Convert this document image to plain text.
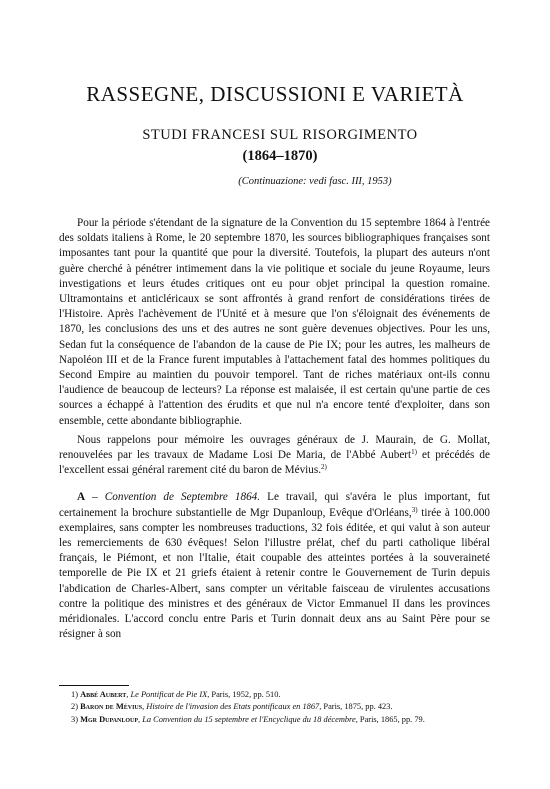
RASSEGNE, DISCUSSIONI E VARIETÀ
STUDI FRANCESI SUL RISORGIMENTO
(1864–1870)
(Continuazione: vedi fasc. III, 1953)

Pour la période s'étendant de la signature de la Convention du 15 septembre 1864 à l'entrée des soldats italiens à Rome, le 20 septembre 1870, les sources bibliographiques françaises sont imposantes tant pour la quantité que pour la diversité. Toutefois, la plupart des auteurs n'ont guère cherché à pénétrer intimement dans la vie politique et sociale du jeune Royaume, leurs investigations et leurs études critiques ont eu pour objet principal la question romaine. Ultramontains et anticléricaux se sont affrontés à grand renfort de considérations tirées de l'Histoire. Après l'achèvement de l'Unité et à mesure que l'on s'éloignait des événements de 1870, les conclusions des uns et des autres ne sont guère devenues objectives. Pour les uns, Sedan fut la conséquence de l'abandon de la cause de Pie IX; pour les autres, les malheurs de Napoléon III et de la France furent imputables à l'attachement fatal des hommes politiques du Second Empire au maintien du pouvoir temporel. Tant de riches matériaux ont-ils connu l'audience de beaucoup de lecteurs? La réponse est malaisée, il est certain qu'une partie de ces sources a échappé à l'attention des érudits et que nul n'a encore tenté d'exploiter, dans son ensemble, cette abondante bibliographie.

Nous rappelons pour mémoire les ouvrages généraux de J. Maurain, de G. Mollat, renouvelées par les travaux de Madame Losi De Maria, de l'Abbé Aubert$^{1)}$ et précédés de l'excellent essai général rarement cité du baron de Mévius.$^{2)}$

A – Convention de Septembre 1864. Le travail, qui s'avéra le plus important, fut certainement la brochure substantielle de Mgr Dupanloup, Evêque d'Orléans,$^{3)}$ tirée à 100.000 exemplaires, sans compter les nombreuses traductions, 32 fois éditée, et qui valut à son auteur les remerciements de 630 évêques! Selon l'illustre prélat, chef du parti catholique libéral français, le Piémont, et non l'Italie, était coupable des atteintes portées à la souveraineté temporelle de Pie IX et 21 griefs étaient à retenir contre le Gouvernement de Turin depuis l'abdication de Charles-Albert, sans compter un véritable faisceau de virulentes accusations contre la politique des ministres et des généraux de Victor Emmanuel II dans les provinces méridionales. L'accord conclu entre Paris et Turin donnait deux ans au Saint Père pour se résigner à son

1) Abbé Aubert, Le Pontificat de Pie IX, Paris, 1952, pp. 510.
2) Baron de Mévius, Histoire de l'invasion des Etats pontificaux en 1867, Paris, 1875, pp. 423.
3) Mgr Dupanloup, La Convention du 15 septembre et l'Encyclique du 18 décembre, Paris, 1865, pp. 79.
